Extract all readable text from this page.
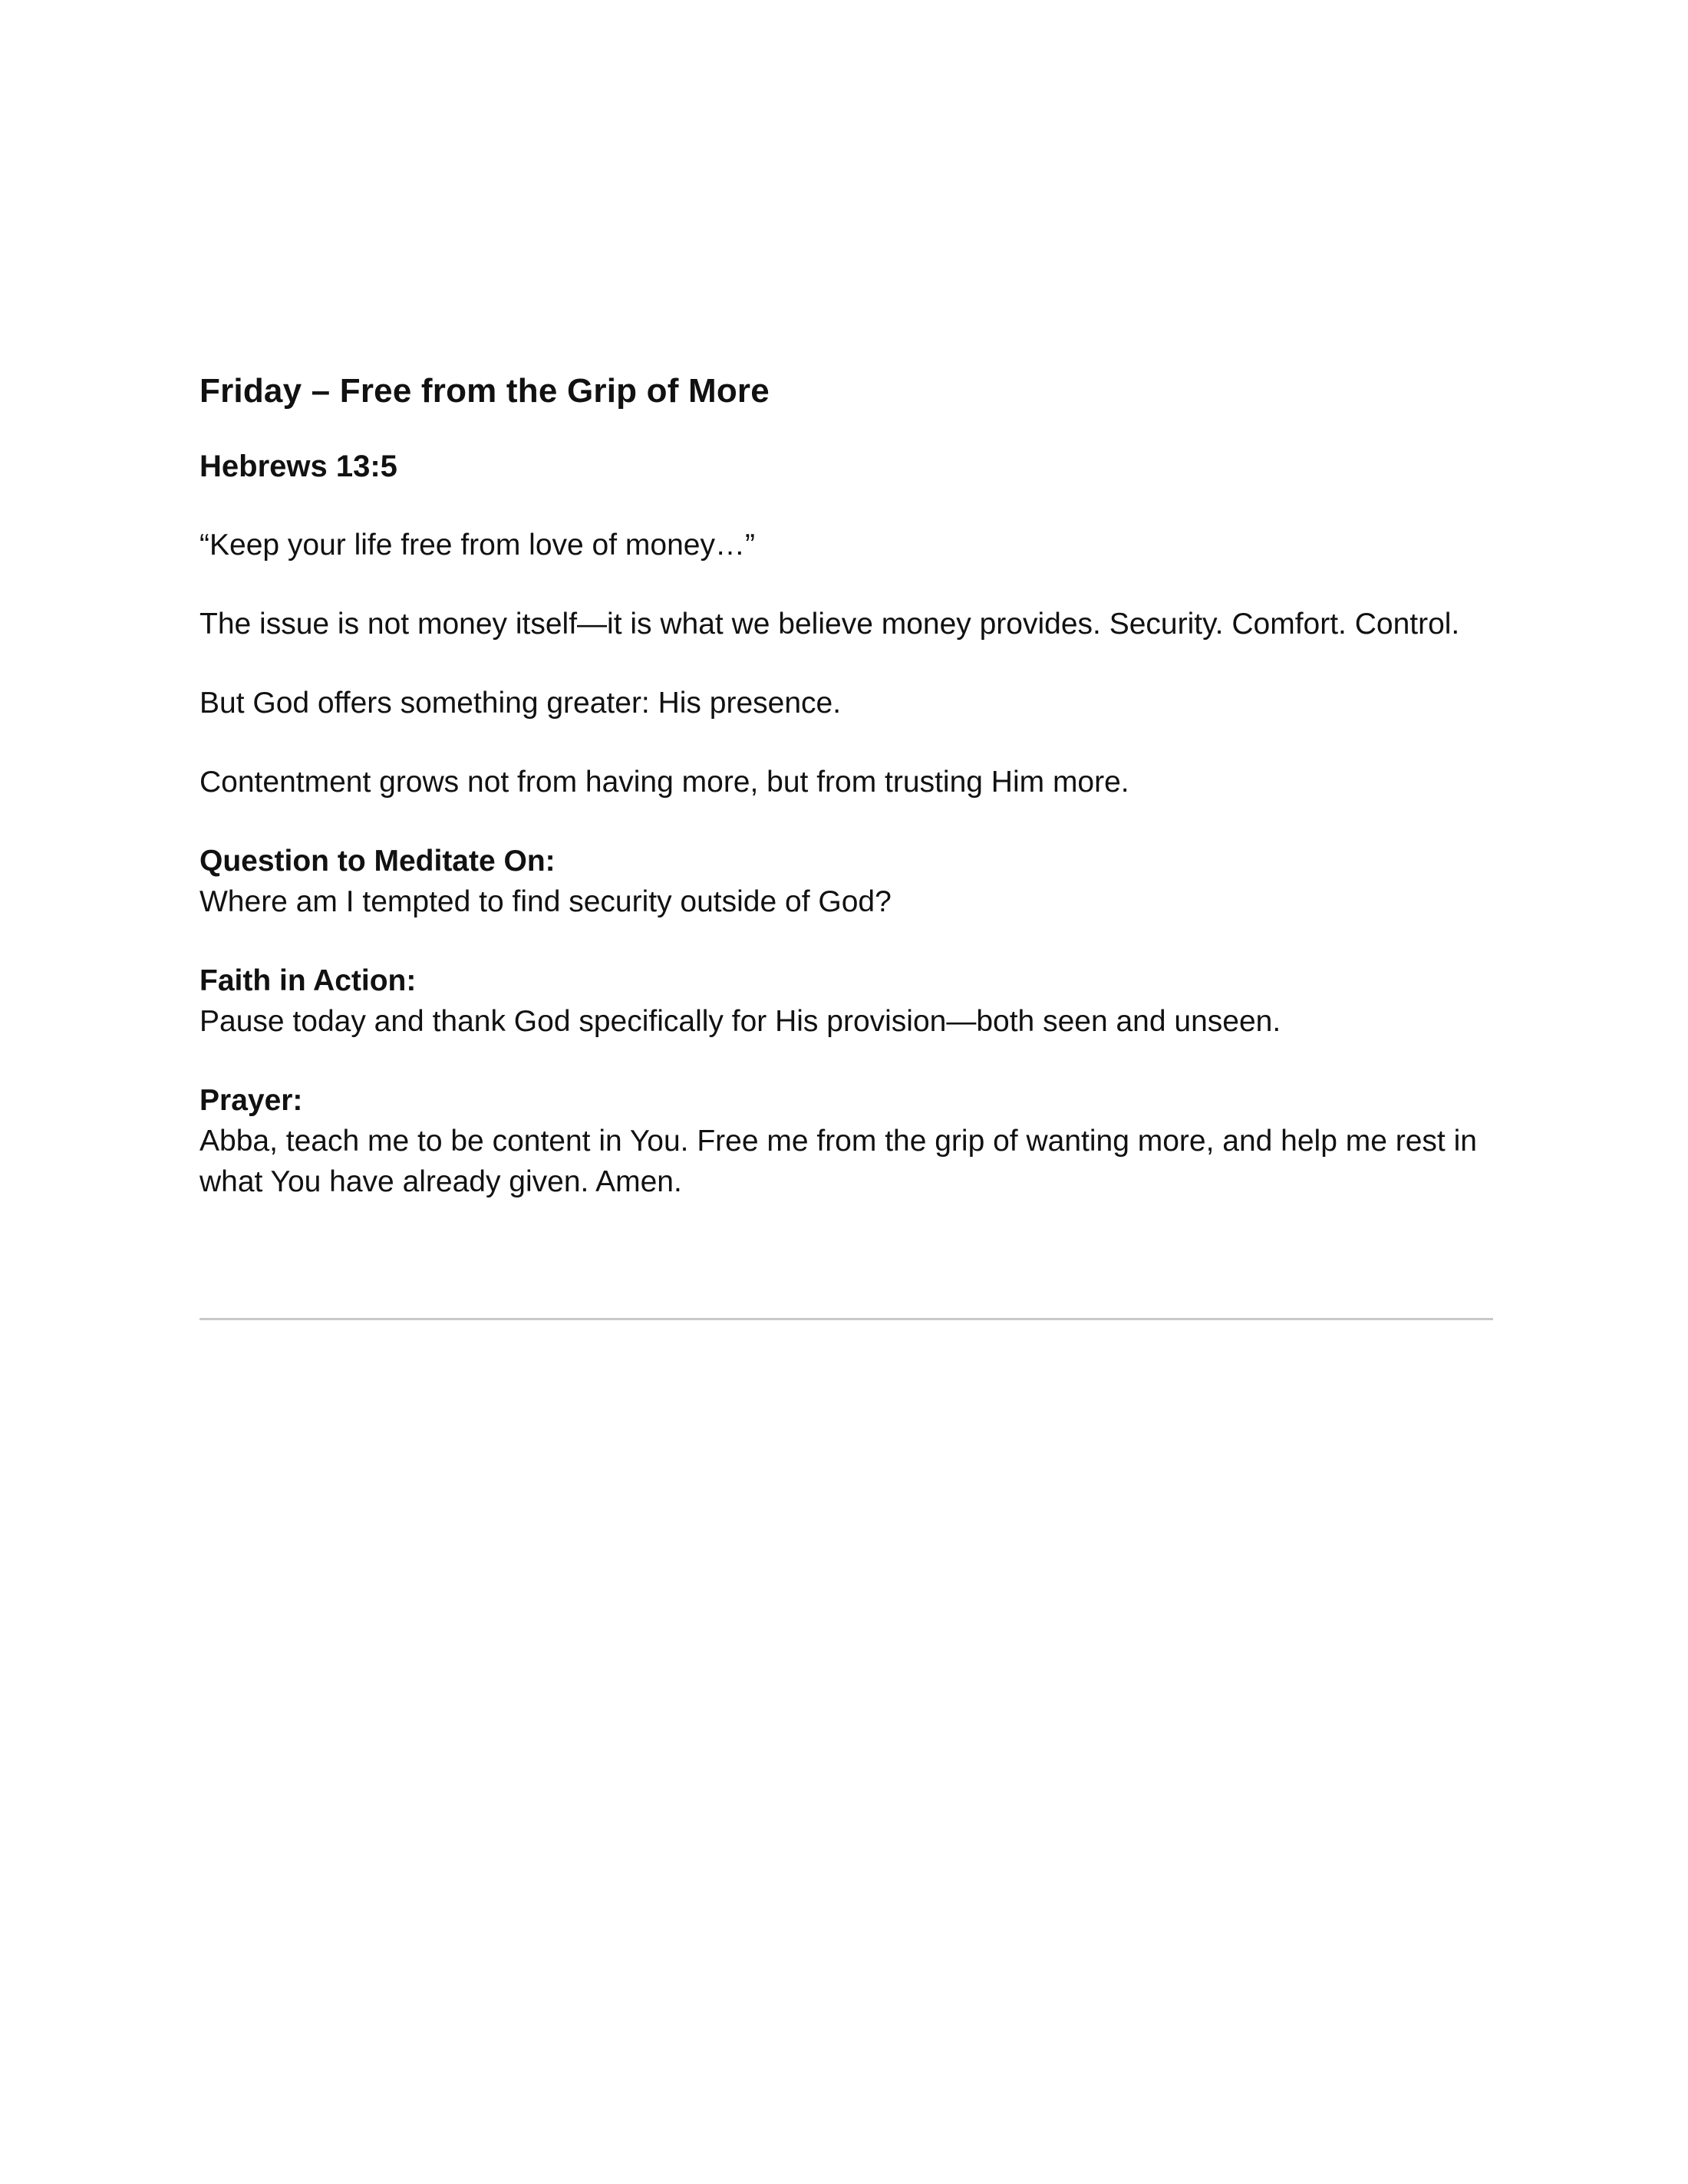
Friday – Free from the Grip of More
Hebrews 13:5

“Keep your life free from love of money…”

The issue is not money itself—it is what we believe money provides. Security. Comfort. Control.

But God offers something greater: His presence.

Contentment grows not from having more, but from trusting Him more.

Question to Meditate On:
Where am I tempted to find security outside of God?
Faith in Action:
Pause today and thank God specifically for His provision—both seen and unseen.
Prayer:
Abba, teach me to be content in You. Free me from the grip of wanting more, and help me rest in what You have already given. Amen.
